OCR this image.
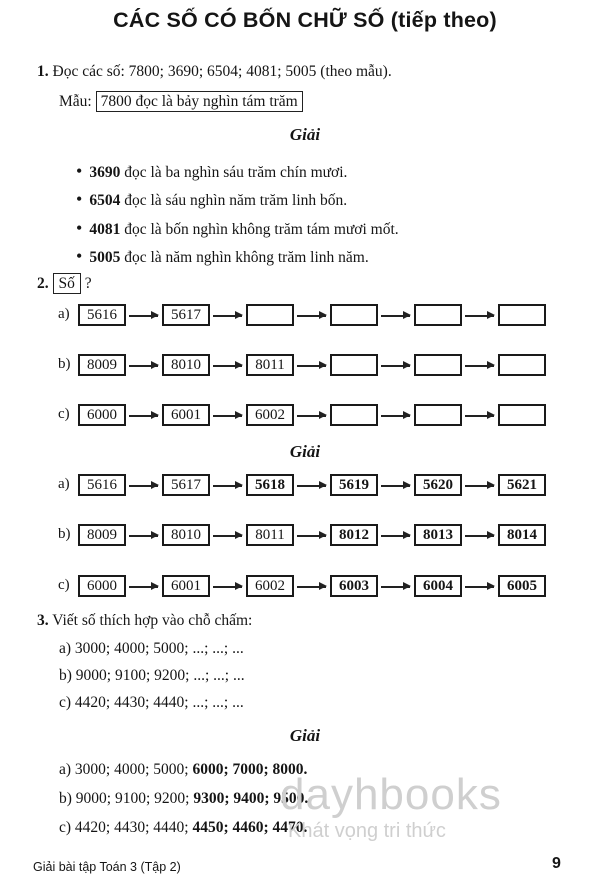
CÁC SỐ CÓ BỐN CHỮ SỐ (tiếp theo)
1. Đọc các số: 7800; 3690; 6504; 4081; 5005 (theo mẫu).
Mẫu: 7800 đọc là bảy nghìn tám trăm
Giải
• 3690 đọc là ba nghìn sáu trăm chín mươi.
• 6504 đọc là sáu nghìn năm trăm linh bốn.
• 4081 đọc là bốn nghìn không trăm tám mươi mốt.
• 5005 đọc là năm nghìn không trăm linh năm.
2. Số ?
a)	5616	5617
b)	8009	8010	8011
c)	6000	6001	6002
Giải
a)	5616	5617	5618	5619	5620	5621
b)	8009	8010	8011	8012	8013	8014
c)	6000	6001	6002	6003	6004	6005
3. Viết số thích hợp vào chỗ chấm:
a) 3000; 4000; 5000; ...; ...; ...
b) 9000; 9100; 9200; ...; ...; ...
c) 4420; 4430; 4440; ...; ...; ...
Giải
a) 3000; 4000; 5000; 6000; 7000; 8000.
b) 9000; 9100; 9200; 9300; 9400; 9500.
c) 4420; 4430; 4440; 4450; 4460; 4470.
dayhbooks
Khát vọng tri thức
Giải bài tập Toán 3 (Tập 2)	9
